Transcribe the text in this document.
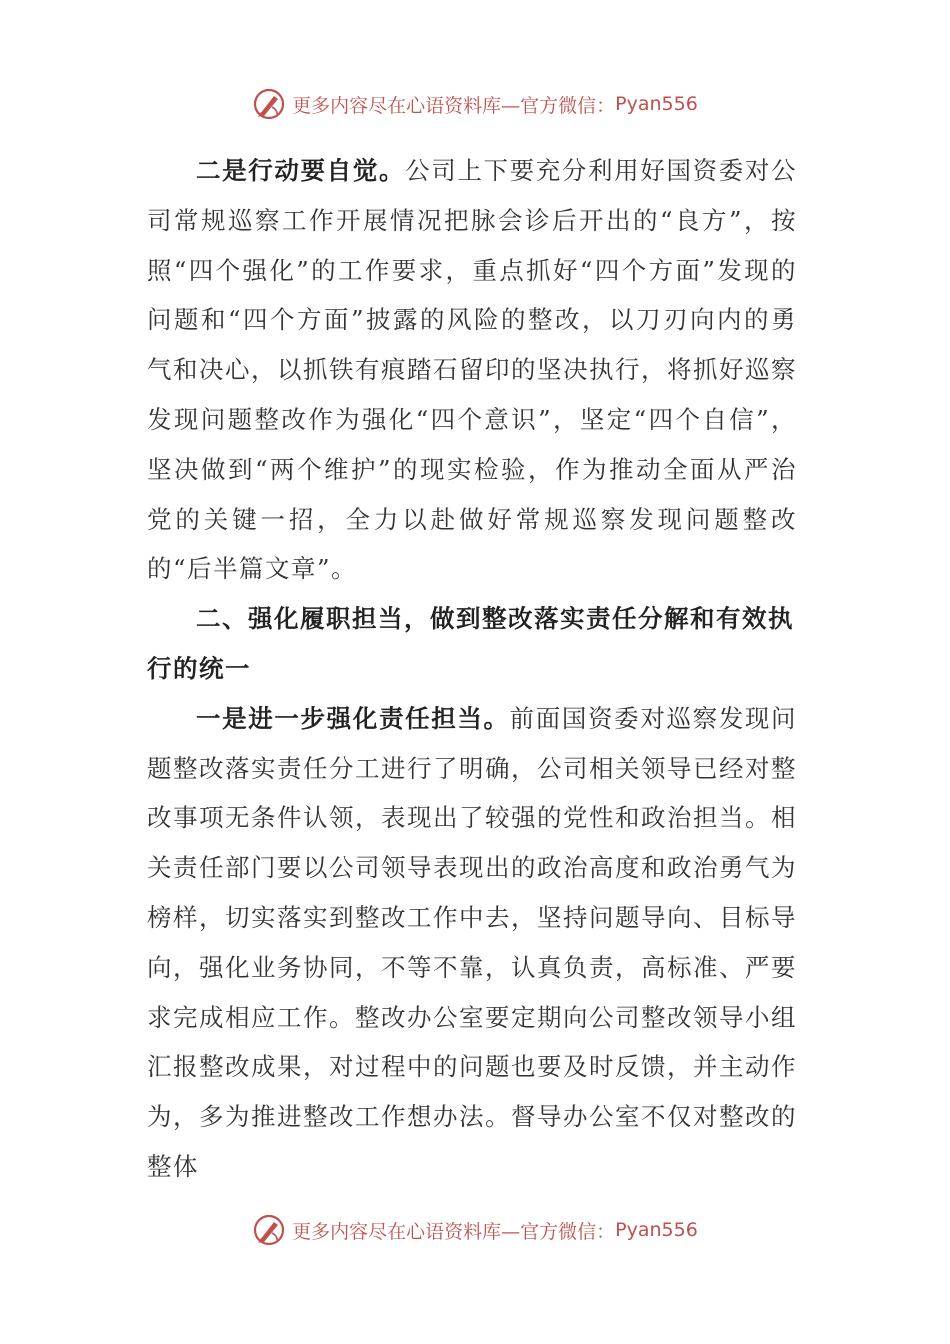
更多内容尽在心语资料库—官方微信： Pyan556

二是行动要自觉。公司上下要充分利用好国资委对公司常规巡察工作开展情况把脉会诊后开出的“良方”，按照“四个强化”的工作要求，重点抓好“四个方面”发现的问题和“四个方面”披露的风险的整改，以刀刃向内的勇气和决心，以抓铁有痕踏石留印的坚决执行，将抓好巡察发现问题整改作为强化“四个意识”，坚定“四个自信”，坚决做到“两个维护”的现实检验，作为推动全面从严治党的关键一招，全力以赴做好常规巡察发现问题整改的“后半篇文章”。

二、强化履职担当，做到整改落实责任分解和有效执行的统一

一是进一步强化责任担当。前面国资委对巡察发现问题整改落实责任分工进行了明确，公司相关领导已经对整改事项无条件认领，表现出了较强的党性和政治担当。相关责任部门要以公司领导表现出的政治高度和政治勇气为榜样，切实落实到整改工作中去，坚持问题导向、目标导向，强化业务协同，不等不靠，认真负责，高标准、严要求完成相应工作。整改办公室要定期向公司整改领导小组汇报整改成果，对过程中的问题也要及时反馈，并主动作为，多为推进整改工作想办法。督导办公室不仅对整改的整体

更多内容尽在心语资料库—官方微信： Pyan556
